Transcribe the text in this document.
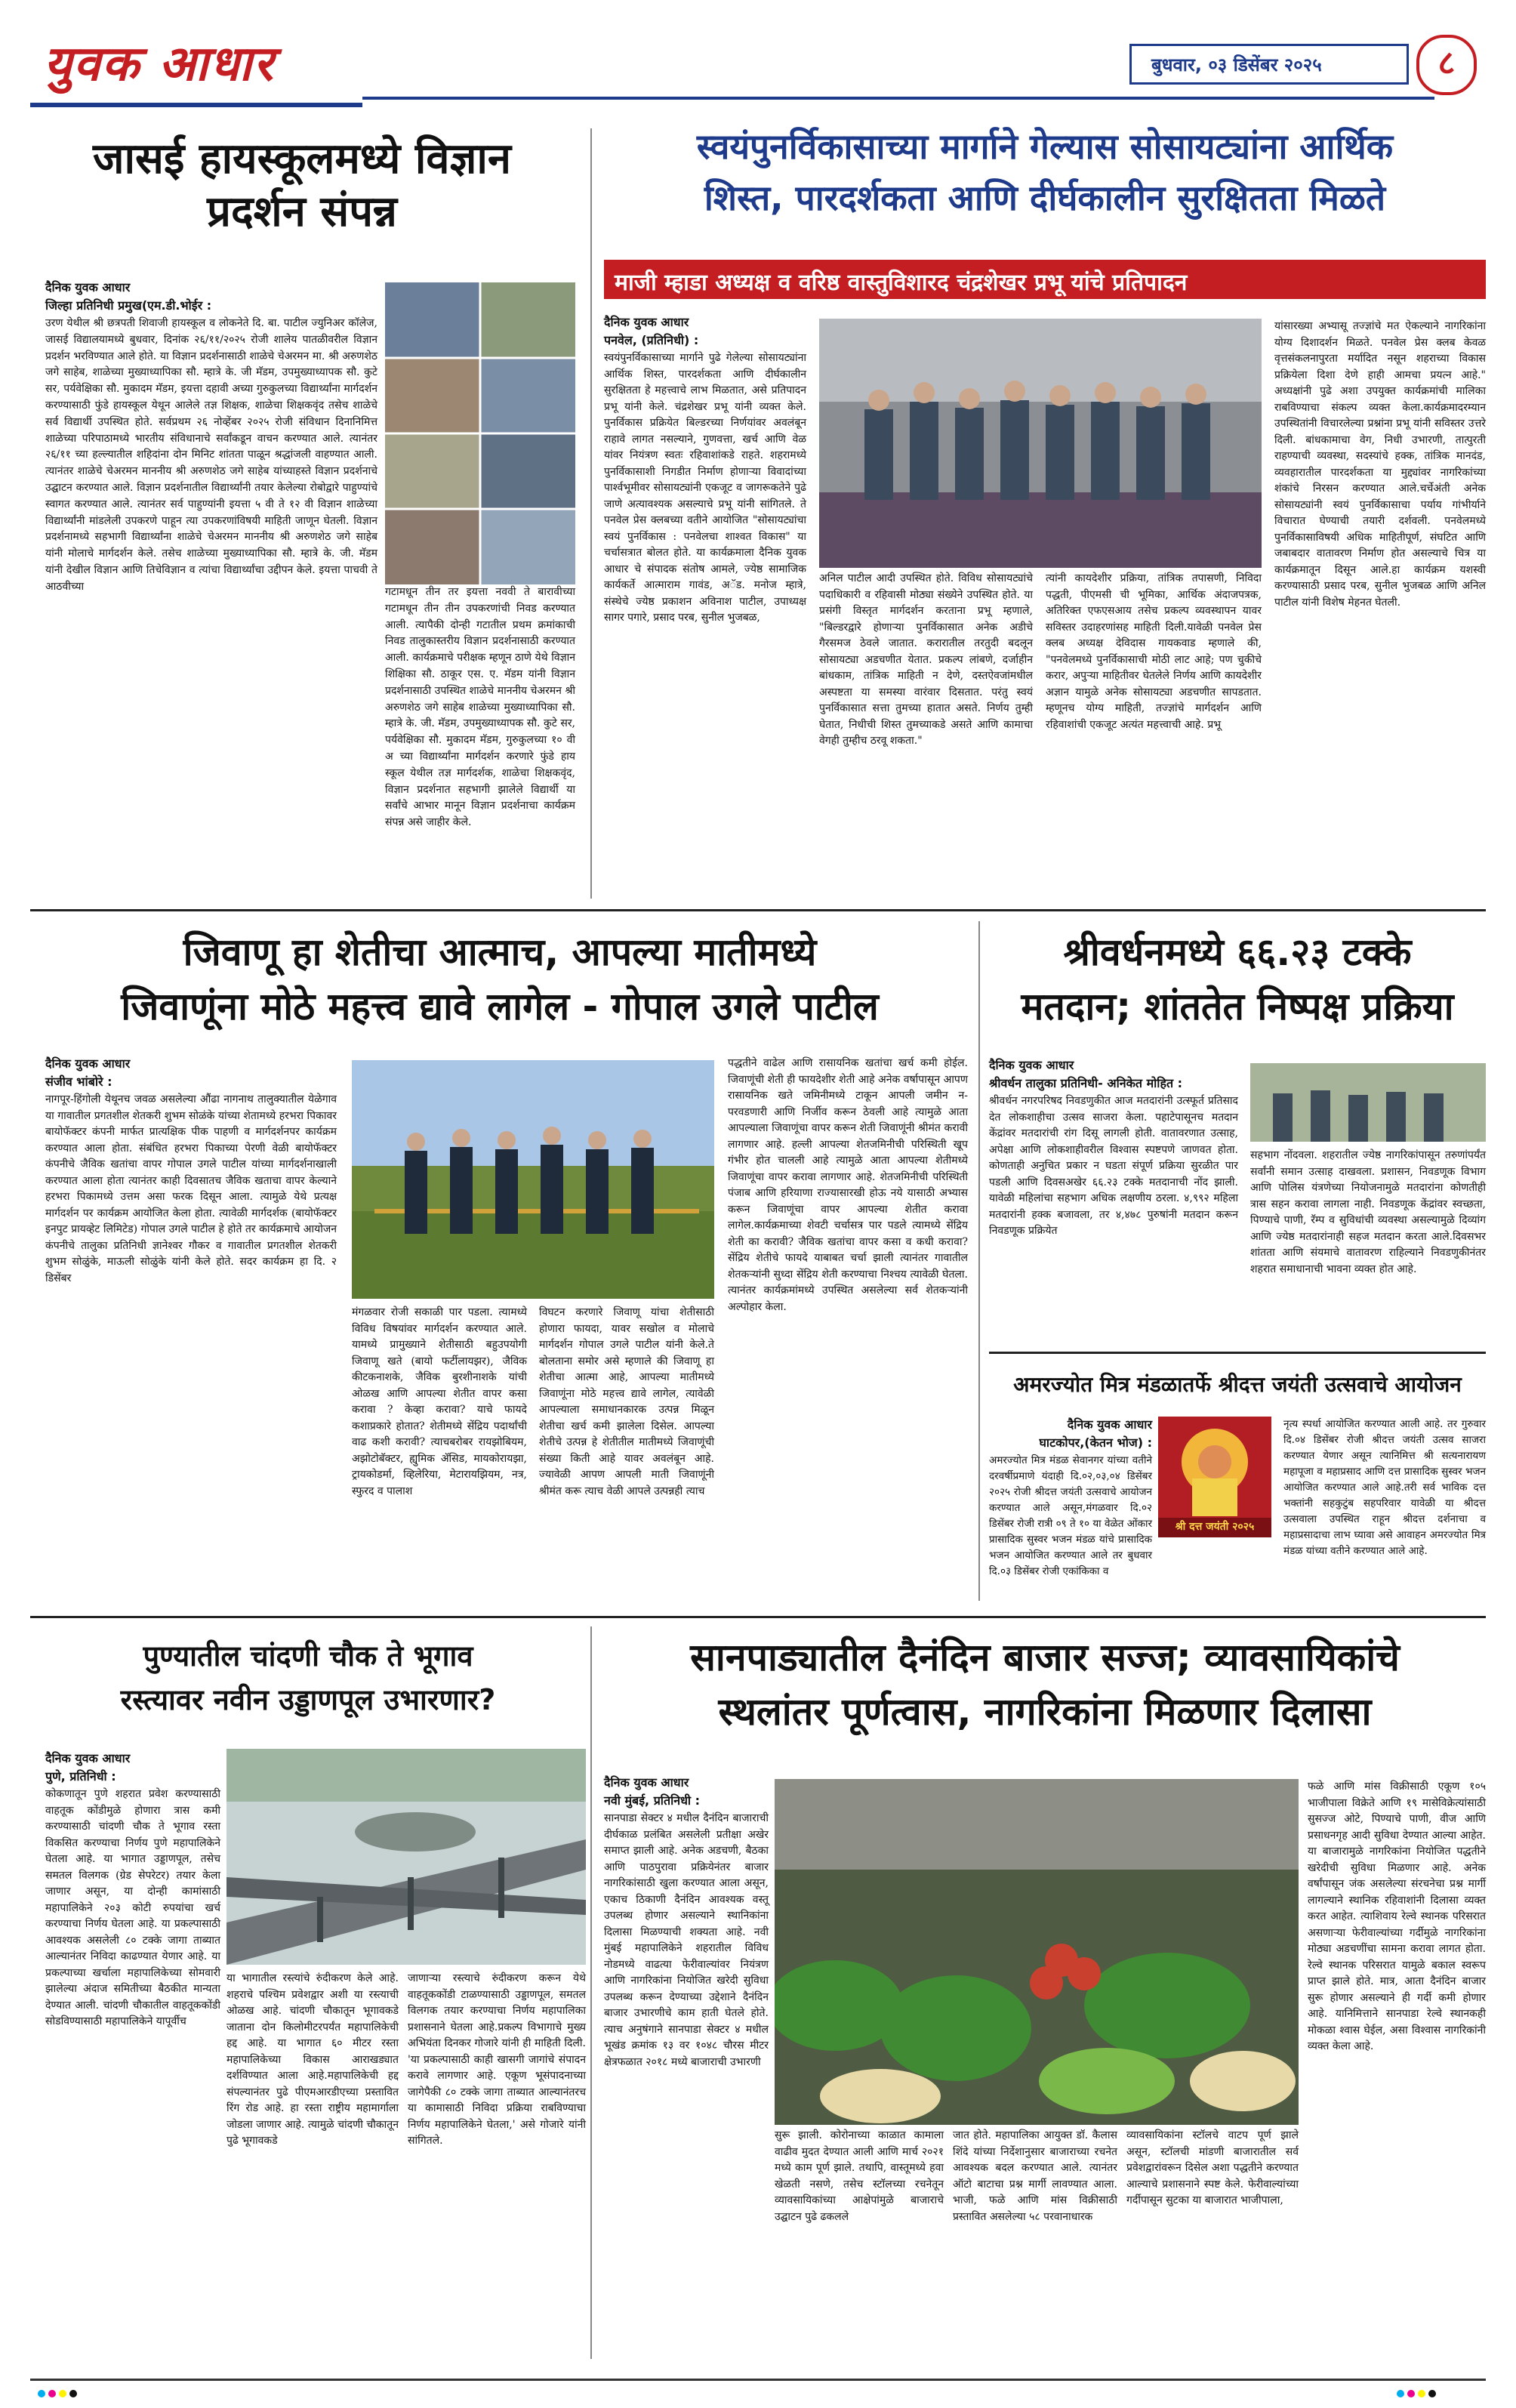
युवक आधार	बुधवार, ०३ डिसेंबर २०२५	८
जासई हायस्कूलमध्ये विज्ञान प्रदर्शन संपन्न

दैनिक युवक आधार

जिल्हा प्रतिनिधी प्रमुख(एम.डी.भोईर :

उरण येथील श्री छत्रपती शिवाजी हायस्कूल व लोकनेते दि. बा. पाटील ज्युनिअर कॉलेज, जासई विद्यालयामध्ये बुधवार, दिनांक २६/११/२०२५ रोजी शालेय पातळीवरील विज्ञान प्रदर्शन भरविण्यात आले होते. या विज्ञान प्रदर्शनासाठी शाळेचे चेअरमन मा. श्री अरुणशेठ जगे साहेब, शाळेच्या मुख्याध्यापिका सौ. म्हात्रे के. जी मॅडम, उपमुख्याध्यापक सौ. कुटे सर, पर्यवेक्षिका सौ. मुकादम मॅडम, इयत्ता दहावी अच्या गुरुकुलच्या विद्यार्थ्यांना मार्गदर्शन करण्यासाठी फुंडे हायस्कूल येथून आलेले तज्ञ शिक्षक, शाळेचा शिक्षकवृंद तसेच शाळेचे सर्व विद्यार्थी उपस्थित होते. सर्वप्रथम २६ नोव्हेंबर २०२५ रोजी संविधान दिनानिमित्त शाळेच्या परिपाठामध्ये भारतीय संविधानाचे सर्वांकडून वाचन करण्यात आले. त्यानंतर २६/११ च्या हल्ल्यातील शहिदांना दोन मिनिट शांतता पाळून श्रद्धांजली वाहण्यात आली. त्यानंतर शाळेचे चेअरमन माननीय श्री अरुणशेठ जगे साहेब यांच्याहस्ते विज्ञान प्रदर्शनाचे उद्घाटन करण्यात आले. विज्ञान प्रदर्शनातील विद्यार्थ्यांनी तयार केलेल्या रोबोद्वारे पाहुण्यांचे स्वागत करण्यात आले. त्यानंतर सर्व पाहुण्यांनी इयत्ता ५ वी ते १२ वी विज्ञान शाळेच्या विद्यार्थ्यांनी मांडलेली उपकरणे पाहून त्या उपकरणांविषयी माहिती जाणून घेतली. विज्ञान प्रदर्शनामध्ये सहभागी विद्यार्थ्यांना शाळेचे चेअरमन माननीय श्री अरुणशेठ जगे साहेब यांनी मोलाचे मार्गदर्शन केले. तसेच शाळेच्या मुख्याध्यापिका सौ. म्हात्रे के. जी. मॅडम यांनी देखील विज्ञान आणि तिचेविज्ञान व त्यांचा विद्यार्थ्यांचा उद्दीपन केले. इयत्ता पाचवी ते आठवीच्या	गटामधून तीन तर इयत्ता नववी ते बारावीच्या गटामधून तीन तीन उपकरणांची निवड करण्यात आली. त्यापैकी दोन्ही गटातील प्रथम क्रमांकाची निवड तालुकास्तरीय विज्ञान प्रदर्शनासाठी करण्यात आली. कार्यक्रमाचे परीक्षक म्हणून ठाणे येथे विज्ञान शिक्षिका सौ. ठाकूर एस. ए. मॅडम यांनी विज्ञान प्रदर्शनासाठी उपस्थित शाळेचे माननीय चेअरमन श्री अरुणशेठ जगे साहेब शाळेच्या मुख्याध्यापिका सौ. म्हात्रे के. जी. मॅडम, उपमुख्याध्यापक सौ. कुटे सर, पर्यवेक्षिका सौ. मुकादम मॅडम, गुरुकुलच्या १० वी अ च्या विद्यार्थ्यांना मार्गदर्शन करणारे फुंडे हाय स्कूल येथील तज्ञ मार्गदर्शक, शाळेचा शिक्षकवृंद, विज्ञान प्रदर्शनात सहभागी झालेले विद्यार्थी या सर्वांचे आभार मानून विज्ञान प्रदर्शनाचा कार्यक्रम संपन्न असे जाहीर केले.

स्वयंपुनर्विकासाच्या मार्गाने गेल्यास सोसायट्यांना आर्थिक
शिस्त, पारदर्शकता आणि दीर्घकालीन सुरक्षितता मिळते
माजी म्हाडा अध्यक्ष व वरिष्ठ वास्तुविशारद चंद्रशेखर प्रभू यांचे प्रतिपादन

दैनिक युवक आधार

पनवेल, (प्रतिनिधी) :

स्वयंपुनर्विकासाच्या मार्गाने पुढे गेलेल्या सोसायट्यांना आर्थिक शिस्त, पारदर्शकता आणि दीर्घकालीन सुरक्षितता हे महत्त्वाचे लाभ मिळतात, असे प्रतिपादन प्रभू यांनी केले. चंद्रशेखर प्रभू यांनी व्यक्त केले. पुनर्विकास प्रक्रियेत बिल्डरच्या निर्णयांवर अवलंबून राहावे लागत नसल्याने, गुणवत्ता, खर्च आणि वेळ यांवर नियंत्रण स्वतः रहिवाशांकडे राहते. शहरामध्ये पुनर्विकासाशी निगडीत निर्माण होणाऱ्या विवादांच्या पार्श्वभूमीवर सोसायट्यांनी एकजूट व जागरूकतेने पुढे जाणे अत्यावश्यक असल्याचे प्रभू यांनी सांगितले. ते पनवेल प्रेस क्लबच्या वतीने आयोजित "सोसायट्यांचा स्वयं पुनर्विकास : पनवेलचा शाश्वत विकास" या चर्चासत्रात बोलत होते. या कार्यक्रमाला दैनिक युवक आधार चे संपादक संतोष आमले, ज्येष्ठ सामाजिक कार्यकर्ते आत्माराम गावंड, अॅड. मनोज म्हात्रे, संस्थेचे ज्येष्ठ प्रकाशन अविनाश पाटील, उपाध्यक्ष सागर पगारे, प्रसाद परब, सुनील भुजबळ,

अनिल पाटील आदी उपस्थित होते. विविध सोसायट्यांचे पदाधिकारी व रहिवासी मोठ्या संख्येने उपस्थित होते. या प्रसंगी विस्तृत मार्गदर्शन करताना प्रभू म्हणाले, "बिल्डरद्वारे होणाऱ्या पुनर्विकासात अनेक अडीचे गैरसमज ठेवले जातात. करारातील तरतुदी बदलून सोसायट्या अडचणीत येतात. प्रकल्प लांबणे, दर्जाहीन बांधकाम, तांत्रिक माहिती न देणे, दस्तऐवजांमधील अस्पष्टता या समस्या वारंवार दिसतात. परंतु स्वयं पुनर्विकासात सत्ता तुमच्या हातात असते. निर्णय तुम्ही घेतात, निधीची शिस्त तुमच्याकडे असते आणि कामाचा वेगही तुम्हीच ठरवू शकता."

त्यांनी कायदेशीर प्रक्रिया, तांत्रिक तपासणी, निविदा पद्धती, पीएमसी ची भूमिका, आर्थिक अंदाजपत्रक, अतिरिक्त एफएसआय तसेच प्रकल्प व्यवस्थापन यावर सविस्तर उदाहरणांसह माहिती दिली.यावेळी पनवेल प्रेस क्लब अध्यक्ष देविदास गायकवाड म्हणाले की, "पनवेलमध्ये पुनर्विकासाची मोठी लाट आहे; पण चुकीचे करार, अपुऱ्या माहितीवर घेतलेले निर्णय आणि कायदेशीर अज्ञान यामुळे अनेक सोसायट्या अडचणीत सापडतात. म्हणूनच योग्य माहिती, तज्ज्ञांचे मार्गदर्शन आणि रहिवाशांची एकजूट अत्यंत महत्त्वाची आहे. प्रभू

यांसारख्या अभ्यासू तज्ज्ञांचे मत ऐकल्याने नागरिकांना योग्य दिशादर्शन मिळते. पनवेल प्रेस क्लब केवळ वृत्तसंकलनापुरता मर्यादित नसून शहराच्या विकास प्रक्रियेला दिशा देणे हाही आमचा प्रयत्न आहे." अध्यक्षांनी पुढे अशा उपयुक्त कार्यक्रमांची मालिका राबविण्याचा संकल्प व्यक्त केला.कार्यक्रमादरम्यान उपस्थितांनी विचारलेल्या प्रश्नांना प्रभू यांनी सविस्तर उत्तरे दिली. बांधकामाचा वेग, निधी उभारणी, तात्पुरती राहण्याची व्यवस्था, सदस्यांचे हक्क, तांत्रिक मानदंड, व्यवहारातील पारदर्शकता या मुद्द्यांवर नागरिकांच्या शंकांचे निरसन करण्यात आले.चर्चेअंती अनेक सोसायट्यांनी स्वयं पुनर्विकासाचा पर्याय गांभीर्याने विचारात घेण्याची तयारी दर्शवली. पनवेलमध्ये पुनर्विकासाविषयी अधिक माहितीपूर्ण, संघटित आणि जबाबदार वातावरण निर्माण होत असल्याचे चित्र या कार्यक्रमातून दिसून आले.हा कार्यक्रम यशस्वी करण्यासाठी प्रसाद परब, सुनील भुजबळ आणि अनिल पाटील यांनी विशेष मेहनत घेतली.

जिवाणू हा शेतीचा आत्माच, आपल्या मातीमध्ये
जिवाणूंना मोठे महत्त्व द्यावे लागेल - गोपाल उगले पाटील

दैनिक युवक आधार

संजीव भांबोरे :

नागपूर-हिंगोली येथूनच जवळ असलेल्या औंढा नागनाथ तालुक्यातील येळेगाव या गावातील प्रगतशील शेतकरी शुभम सोळंके यांच्या शेतामध्ये हरभरा पिकावर बायोफॅक्टर कंपनी मार्फत प्रात्यक्षिक पीक पाहणी व मार्गदर्शनपर कार्यक्रम करण्यात आला होता. संबंधित हरभरा पिकाच्या पेरणी वेळी बायोफॅक्टर कंपनीचे जैविक खतांचा वापर गोपाल उगले पाटील यांच्या मार्गदर्शनाखाली करण्यात आला होता त्यानंतर काही दिवसातच जैविक खताचा वापर केल्याने हरभरा पिकामध्ये उत्तम असा फरक दिसून आला. त्यामुळे येथे प्रत्यक्ष मार्गदर्शन पर कार्यक्रम आयोजित केला होता. त्यावेळी मार्गदर्शक (बायोफॅक्टर इनपुट प्रायव्हेट लिमिटेड) गोपाल उगले पाटील हे होते तर कार्यक्रमाचे आयोजन कंपनीचे तालुका प्रतिनिधी ज्ञानेश्वर गौकर व गावातील प्रगतशील शेतकरी शुभम सोळुंके, माऊली सोळुंके यांनी केले होते. सदर कार्यक्रम हा दि. २ डिसेंबर

मंगळवार रोजी सकाळी पार पडला. त्यामध्ये विविध विषयांवर मार्गदर्शन करण्यात आले. यामध्ये प्रामुख्याने शेतीसाठी बहुउपयोगी जिवाणू खते (बायो फर्टीलायझर), जैविक कीटकनाशके, जैविक बुरशीनाशके यांची ओळख आणि आपल्या शेतीत वापर कसा करावा ? केव्हा करावा? याचे फायदे कशाप्रकारे होतात? शेतीमध्ये सेंद्रिय पदार्थांची वाढ कशी करावी? त्याचबरोबर रायझोबियम, अझोटोबॅक्टर, ह्युमिक ॲसिड, मायकोरायझा, ट्रायकोडर्मा, व्हिलेरिया, मेटारायझियम, नत्र, स्फुरद व पालाश

विघटन करणारे जिवाणू यांचा शेतीसाठी होणारा फायदा, यावर सखोल व मोलाचे मार्गदर्शन गोपाल उगले पाटील यांनी केले.ते बोलताना समोर असे म्हणाले की जिवाणू हा शेतीचा आत्मा आहे, आपल्या मातीमध्ये जिवाणूंना मोठे महत्त्व द्यावे लागेल, त्यावेळी आपल्याला समाधानकारक उत्पन्न मिळून शेतीचा खर्च कमी झालेला दिसेल. आपल्या शेतीचे उत्पन्न हे शेतीतील मातीमध्ये जिवाणूंची संख्या किती आहे यावर अवलंबून आहे. ज्यावेळी आपण आपली माती जिवाणूंनी श्रीमंत करू त्याच वेळी आपले उत्पन्नही त्याच

पद्धतीने वाढेल आणि रासायनिक खतांचा खर्च कमी होईल. जिवाणूंची शेती ही फायदेशीर शेती आहे अनेक वर्षापासून आपण रासायनिक खते जमिनीमध्ये टाकून आपली जमीन न- परवडणारी आणि निर्जीव करून ठेवली आहे त्यामुळे आता आपल्याला जिवाणूंचा वापर करून शेती जिवाणूंनी श्रीमंत करावी लागणार आहे. हल्ली आपल्या शेतजमिनीची परिस्थिती खूप गंभीर होत चालली आहे त्यामुळे आता आपल्या शेतीमध्ये जिवाणूंचा वापर करावा लागणार आहे. शेतजमिनीची परिस्थिती पंजाब आणि हरियाणा राज्यासारखी होऊ नये यासाठी अभ्यास करून जिवाणूंचा वापर आपल्या शेतीत करावा लागेल.कार्यक्रमाच्या शेवटी चर्चासत्र पार पडले त्यामध्ये सेंद्रिय शेती का करावी? जैविक खतांचा वापर कसा व कधी करावा? सेंद्रिय शेतीचे फायदे याबाबत चर्चा झाली त्यानंतर गावातील शेतकऱ्यांनी सुध्दा सेंद्रिय शेती करण्याचा निश्चय त्यावेळी घेतला. त्यानंतर कार्यक्रमांमध्ये उपस्थित असलेल्या सर्व शेतकऱ्यांनी अल्पोहार केला.

श्रीवर्धनमध्ये ६६.२३ टक्के
मतदान; शांततेत निष्पक्ष प्रक्रिया

दैनिक युवक आधार

श्रीवर्धन तालुका प्रतिनिधी- अनिकेत मोहित :

श्रीवर्धन नगरपरिषद निवडणुकीत आज मतदारांनी उत्स्फूर्त प्रतिसाद देत लोकशाहीचा उत्सव साजरा केला. पहाटेपासूनच मतदान केंद्रांवर मतदारांची रांग दिसू लागली होती. वातावरणात उत्साह, अपेक्षा आणि लोकशाहीवरील विश्वास स्पष्टपणे जाणवत होता. कोणताही अनुचित प्रकार न घडता संपूर्ण प्रक्रिया सुरळीत पार पडली आणि दिवसअखेर ६६.२३ टक्के मतदानाची नोंद झाली. यावेळी महिलांचा सहभाग अधिक लक्षणीय ठरला. ४,९९२ महिला मतदारांनी हक्क बजावला, तर ४,४७८ पुरुषांनी मतदान करून निवडणूक प्रक्रियेत

सहभाग नोंदवला. शहरातील ज्येष्ठ नागरिकांपासून तरुणांपर्यंत सर्वांनी समान उत्साह दाखवला. प्रशासन, निवडणूक विभाग आणि पोलिस यंत्रणेच्या नियोजनामुळे मतदारांना कोणतीही त्रास सहन करावा लागला नाही. निवडणूक केंद्रांवर स्वच्छता, पिण्याचे पाणी, रॅम्प व सुविधांची व्यवस्था असल्यामुळे दिव्यांग आणि ज्येष्ठ मतदारांनाही सहज मतदान करता आले.दिवसभर शांतता आणि संयमाचे वातावरण राहिल्याने निवडणुकीनंतर शहरात समाधानाची भावना व्यक्त होत आहे.

अमरज्योत मित्र मंडळातर्फे श्रीदत्त जयंती उत्सवाचे आयोजन

दैनिक युवक आधार

घाटकोपर,(केतन भोज) :

अमरज्योत मित्र मंडळ सेवानगर यांच्या वतीने दरवर्षीप्रमाणे यंदाही दि.०२,०३,०४ डिसेंबर २०२५ रोजी श्रीदत्त जयंती उत्सवाचे आयोजन करण्यात आले असून,मंगळवार दि.०२ डिसेंबर रोजी रात्री ०९ ते १० या वेळेत ओंकार प्रासादिक सुस्वर भजन मंडळ यांचे प्रासादिक भजन आयोजित करण्यात आले तर बुधवार दि.०३ डिसेंबर रोजी एकांकिका व

श्री दत्त जयंती २०२५

नृत्य स्पर्धा आयोजित करण्यात आली आहे. तर गुरुवार दि.०४ डिसेंबर रोजी श्रीदत्त जयंती उत्सव साजरा करण्यात येणार असून त्यानिमित्त श्री सत्यनारायण महापूजा व महाप्रसाद आणि दत्त प्रासादिक सुस्वर भजन आयोजित करण्यात आले आहे.तरी सर्व भाविक दत्त भक्तांनी सहकुटुंब सहपरिवार यावेळी या श्रीदत्त उत्सवाला उपस्थित राहून श्रीदत्त दर्शनाचा व महाप्रसादाचा लाभ घ्यावा असे आवाहन अमरज्योत मित्र मंडळ यांच्या वतीने करण्यात आले आहे.

पुण्यातील चांदणी चौक ते भूगाव
रस्त्यावर नवीन उड्डाणपूल उभारणार?

दैनिक युवक आधार

पुणे, प्रतिनिधी :

कोकणातून पुणे शहरात प्रवेश करण्यासाठी वाहतूक कोंडीमुळे होणारा त्रास कमी करण्यासाठी चांदणी चौक ते भूगाव रस्ता विकसित करण्याचा निर्णय पुणे महापालिकेने घेतला आहे. या भागात उड्डाणपूल, तसेच समतल विलगक (ग्रेड सेपरेटर) तयार केला जाणार असून, या दोन्ही कामांसाठी महापालिकेने २०३ कोटी रुपयांचा खर्च करण्याचा निर्णय घेतला आहे. या प्रकल्पासाठी आवश्यक असलेली ८० टक्के जागा ताब्यात आल्यानंतर निविदा काढण्यात येणार आहे. या प्रकल्पाच्या खर्चाला महापालिकेच्या सोमवारी झालेल्या अंदाज समितीच्या बैठकीत मान्यता देण्यात आली. चांदणी चौकातील वाहतूककोंडी सोडविण्यासाठी महापालिकेने यापूर्वीच

या भागातील रस्त्यांचे रुंदीकरण केले आहे. शहराचे पश्चिम प्रवेशद्वार अशी या रस्त्याची ओळख आहे. चांदणी चौकातून भूगावकडे जाताना दोन किलोमीटरपर्यंत महापालिकेची हद्द आहे. या भागात ६० मीटर रस्ता महापालिकेच्या विकास आराखड्यात दर्शविण्यात आला आहे.महापालिकेची हद्द संपल्यानंतर पुढे पीएमआरडीएच्या प्रस्तावित रिंग रोड आहे. हा रस्ता राष्ट्रीय महामार्गाला जोडला जाणार आहे. त्यामुळे चांदणी चौकातून पुढे भूगावकडे

जाणाऱ्या रस्त्याचे रुंदीकरण करून येथे वाहतूककोंडी टाळण्यासाठी उड्डाणपूल, समतल विलगक तयार करण्याचा निर्णय महापालिका प्रशासनाने घेतला आहे.प्रकल्प विभागाचे मुख्य अभियंता दिनकर गोजारे यांनी ही माहिती दिली. 'या प्रकल्पासाठी काही खासगी जागांचे संपादन करावे लागणार आहे. एकूण भूसंपादनाच्या जागेपैकी ८० टक्के जागा ताब्यात आल्यानंतरच या कामासाठी निविदा प्रक्रिया राबविण्याचा निर्णय महापालिकेने घेतला,' असे गोजारे यांनी सांगितले.

सानपाड्यातील दैनंदिन बाजार सज्ज; व्यावसायिकांचे
स्थलांतर पूर्णत्वास, नागरिकांना मिळणार दिलासा

दैनिक युवक आधार

नवी मुंबई, प्रतिनिधी :

सानपाडा सेक्टर ४ मधील दैनंदिन बाजाराची दीर्घकाळ प्रलंबित असलेली प्रतीक्षा अखेर समाप्त झाली आहे. अनेक अडचणी, बैठका आणि पाठपुरावा प्रक्रियेनंतर बाजार नागरिकांसाठी खुला करण्यात आला असून, एकाच ठिकाणी दैनंदिन आवश्यक वस्तू उपलब्ध होणार असल्याने स्थानिकांना दिलासा मिळण्याची शक्यता आहे. नवी मुंबई महापालिकेने शहरातील विविध नोडमध्ये वाढत्या फेरीवाल्यांवर नियंत्रण आणि नागरिकांना नियोजित खरेदी सुविधा उपलब्ध करून देण्याच्या उद्देशाने दैनंदिन बाजार उभारणीचे काम हाती घेतले होते. त्याच अनुषंगाने सानपाडा सेक्टर ४ मधील भूखंड क्रमांक १३ वर १०४८ चौरस मीटर क्षेत्रफळात २०१८ मध्ये बाजाराची उभारणी

सुरू झाली. कोरोनाच्या काळात कामाला वाढीव मुदत देण्यात आली आणि मार्च २०२१ मध्ये काम पूर्ण झाले. तथापि, वास्तूमध्ये हवा खेळती नसणे, तसेच स्टॉलच्या रचनेतून व्यावसायिकांच्या आक्षेपांमुळे बाजाराचे उद्घाटन पुढे ढकलले

जात होते. महापालिका आयुक्त डॉ. कैलास शिंदे यांच्या निर्देशानुसार बाजाराच्या रचनेत आवश्यक बदल करण्यात आले. त्यानंतर ऑटो बाटाचा प्रश्न मार्गी लावण्यात आला. भाजी, फळे आणि मांस विक्रीसाठी प्रस्तावित असलेल्या ५८ परवानाधारक

व्यावसायिकांना स्टॉलचे वाटप पूर्ण झाले असून, स्टॉलची मांडणी बाजारातील सर्व प्रवेशद्वारांवरून दिसेल अशा पद्धतीने करण्यात आल्याचे प्रशासनाने स्पष्ट केले. फेरीवाल्यांच्या गर्दीपासून सुटका या बाजारात भाजीपाला,

फळे आणि मांस विक्रीसाठी एकूण १०५ भाजीपाला विक्रेते आणि १९ मासेविक्रेत्यांसाठी सुसज्ज ओटे, पिण्याचे पाणी, वीज आणि प्रसाधनगृह आदी सुविधा देण्यात आल्या आहेत. या बाजारामुळे नागरिकांना नियोजित पद्धतीने खरेदीची सुविधा मिळणार आहे. अनेक वर्षांपासून जंक असलेल्या संरचनेचा प्रश्न मार्गी लागल्याने स्थानिक रहिवाशांनी दिलासा व्यक्त करत आहेत. त्याशिवाय रेल्वे स्थानक परिसरात असणाऱ्या फेरीवाल्यांच्या गर्दीमुळे नागरिकांना मोठ्या अडचणींचा सामना करावा लागत होता. रेल्वे स्थानक परिसरात यामुळे बकाल स्वरूप प्राप्त झाले होते. मात्र, आता दैनंदिन बाजार सुरू होणार असल्याने ही गर्दी कमी होणार आहे. यानिमित्ताने सानपाडा रेल्वे स्थानकही मोकळा श्वास घेईल, असा विश्वास नागरिकांनी व्यक्त केला आहे.
